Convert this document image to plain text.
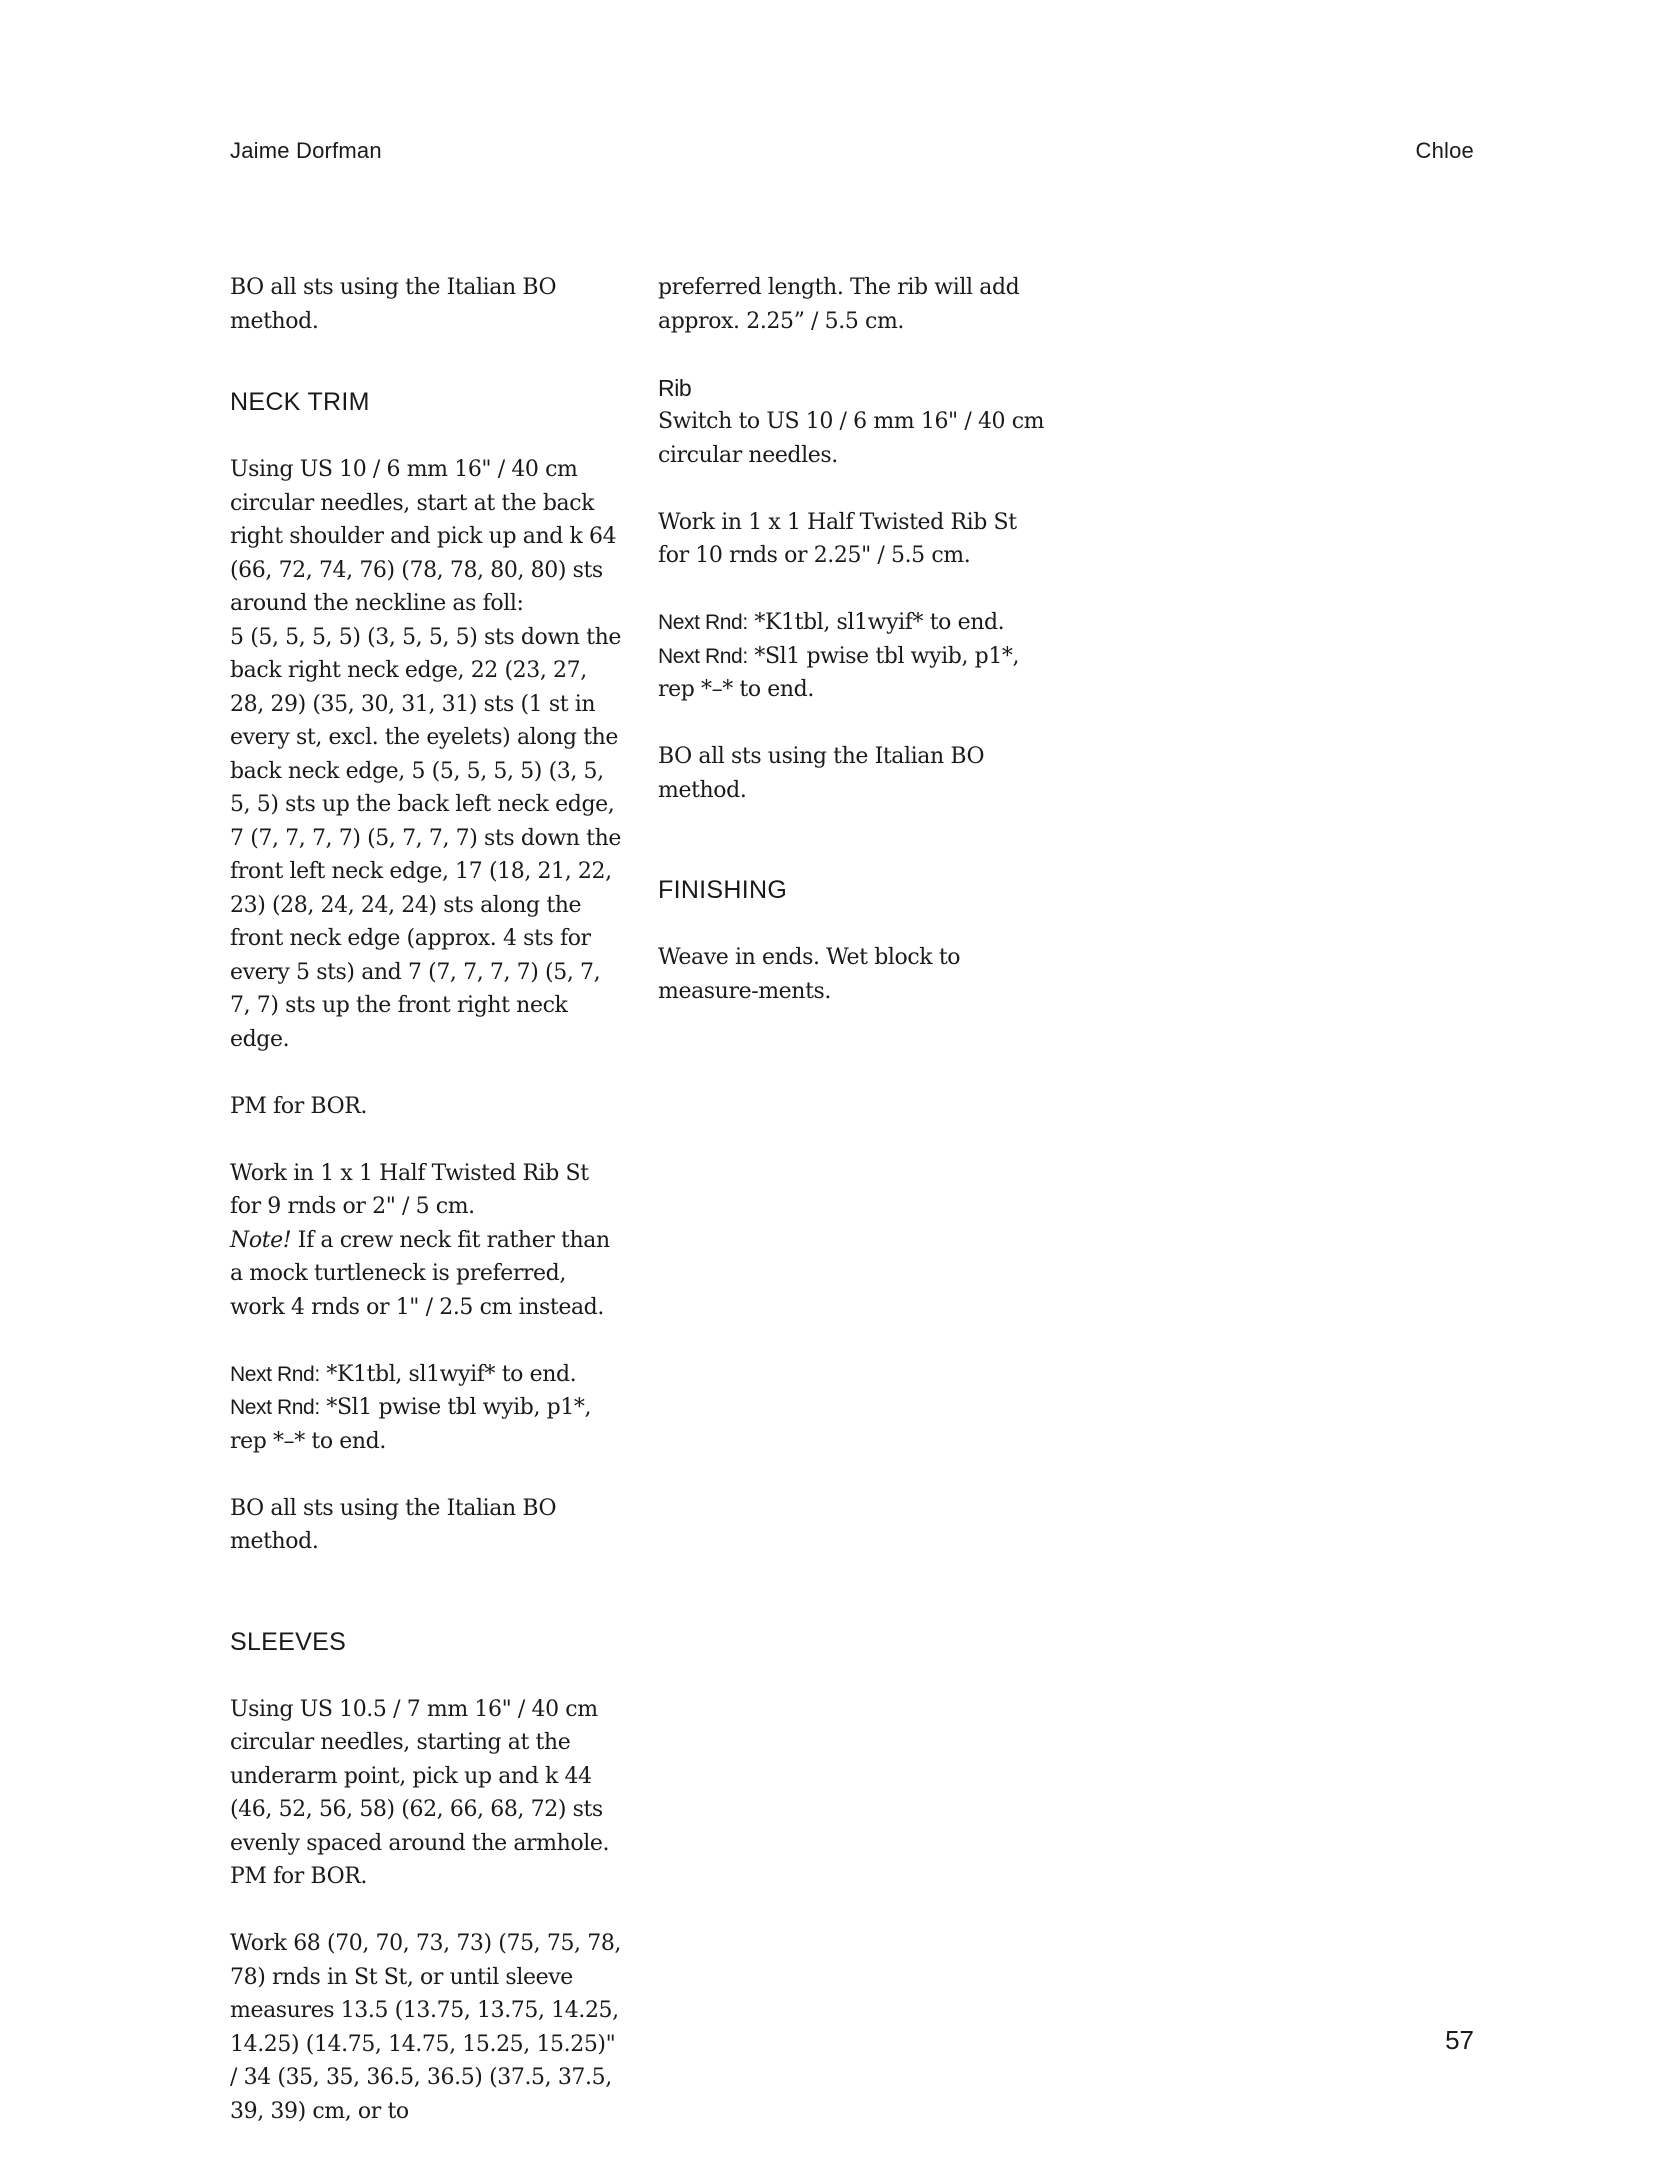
Jaime Dorfman	Chloe

BO all sts using the Italian BO method.

NECK TRIM

Using US 10 / 6 mm 16" / 40 cm circular needles, start at the back right shoulder and pick up and k 64 (66, 72, 74, 76) (78, 78, 80, 80) sts around the neckline as foll:

5 (5, 5, 5, 5) (3, 5, 5, 5) sts down the back right neck edge, 22 (23, 27, 28, 29) (35, 30, 31, 31) sts (1 st in every st, excl. the eyelets) along the back neck edge, 5 (5, 5, 5, 5) (3, 5, 5, 5) sts up the back left neck edge, 7 (7, 7, 7, 7) (5, 7, 7, 7) sts down the front left neck edge, 17 (18, 21, 22, 23) (28, 24, 24, 24) sts along the front neck edge (approx. 4 sts for every 5 sts) and 7 (7, 7, 7, 7) (5, 7, 7, 7) sts up the front right neck edge.

PM for BOR.

Work in 1 x 1 Half Twisted Rib St for 9 rnds or 2" / 5 cm.

Note! If a crew neck fit rather than a mock turtleneck is preferred, work 4 rnds or 1" / 2.5 cm instead.

Next Rnd: *K1tbl, sl1wyif* to end.

Next Rnd: *Sl1 pwise tbl wyib, p1*, rep *–* to end.

BO all sts using the Italian BO method.

SLEEVES

Using US 10.5 / 7 mm 16" / 40 cm circular needles, starting at the underarm point, pick up and k 44 (46, 52, 56, 58) (62, 66, 68, 72) sts evenly spaced around the armhole. PM for BOR.

Work 68 (70, 70, 73, 73) (75, 75, 78, 78) rnds in St St, or until sleeve measures 13.5 (13.75, 13.75, 14.25, 14.25) (14.75, 14.75, 15.25, 15.25)" / 34 (35, 35, 36.5, 36.5) (37.5, 37.5, 39, 39) cm, or to

preferred length. The rib will add approx. 2.25” / 5.5 cm.

Rib

Switch to US 10 / 6 mm 16" / 40 cm circular needles.

Work in 1 x 1 Half Twisted Rib St for 10 rnds or 2.25" / 5.5 cm.

Next Rnd: *K1tbl, sl1wyif* to end.

Next Rnd: *Sl1 pwise tbl wyib, p1*, rep *–* to end.

BO all sts using the Italian BO method.

FINISHING

Weave in ends. Wet block to measure-ments.

57
